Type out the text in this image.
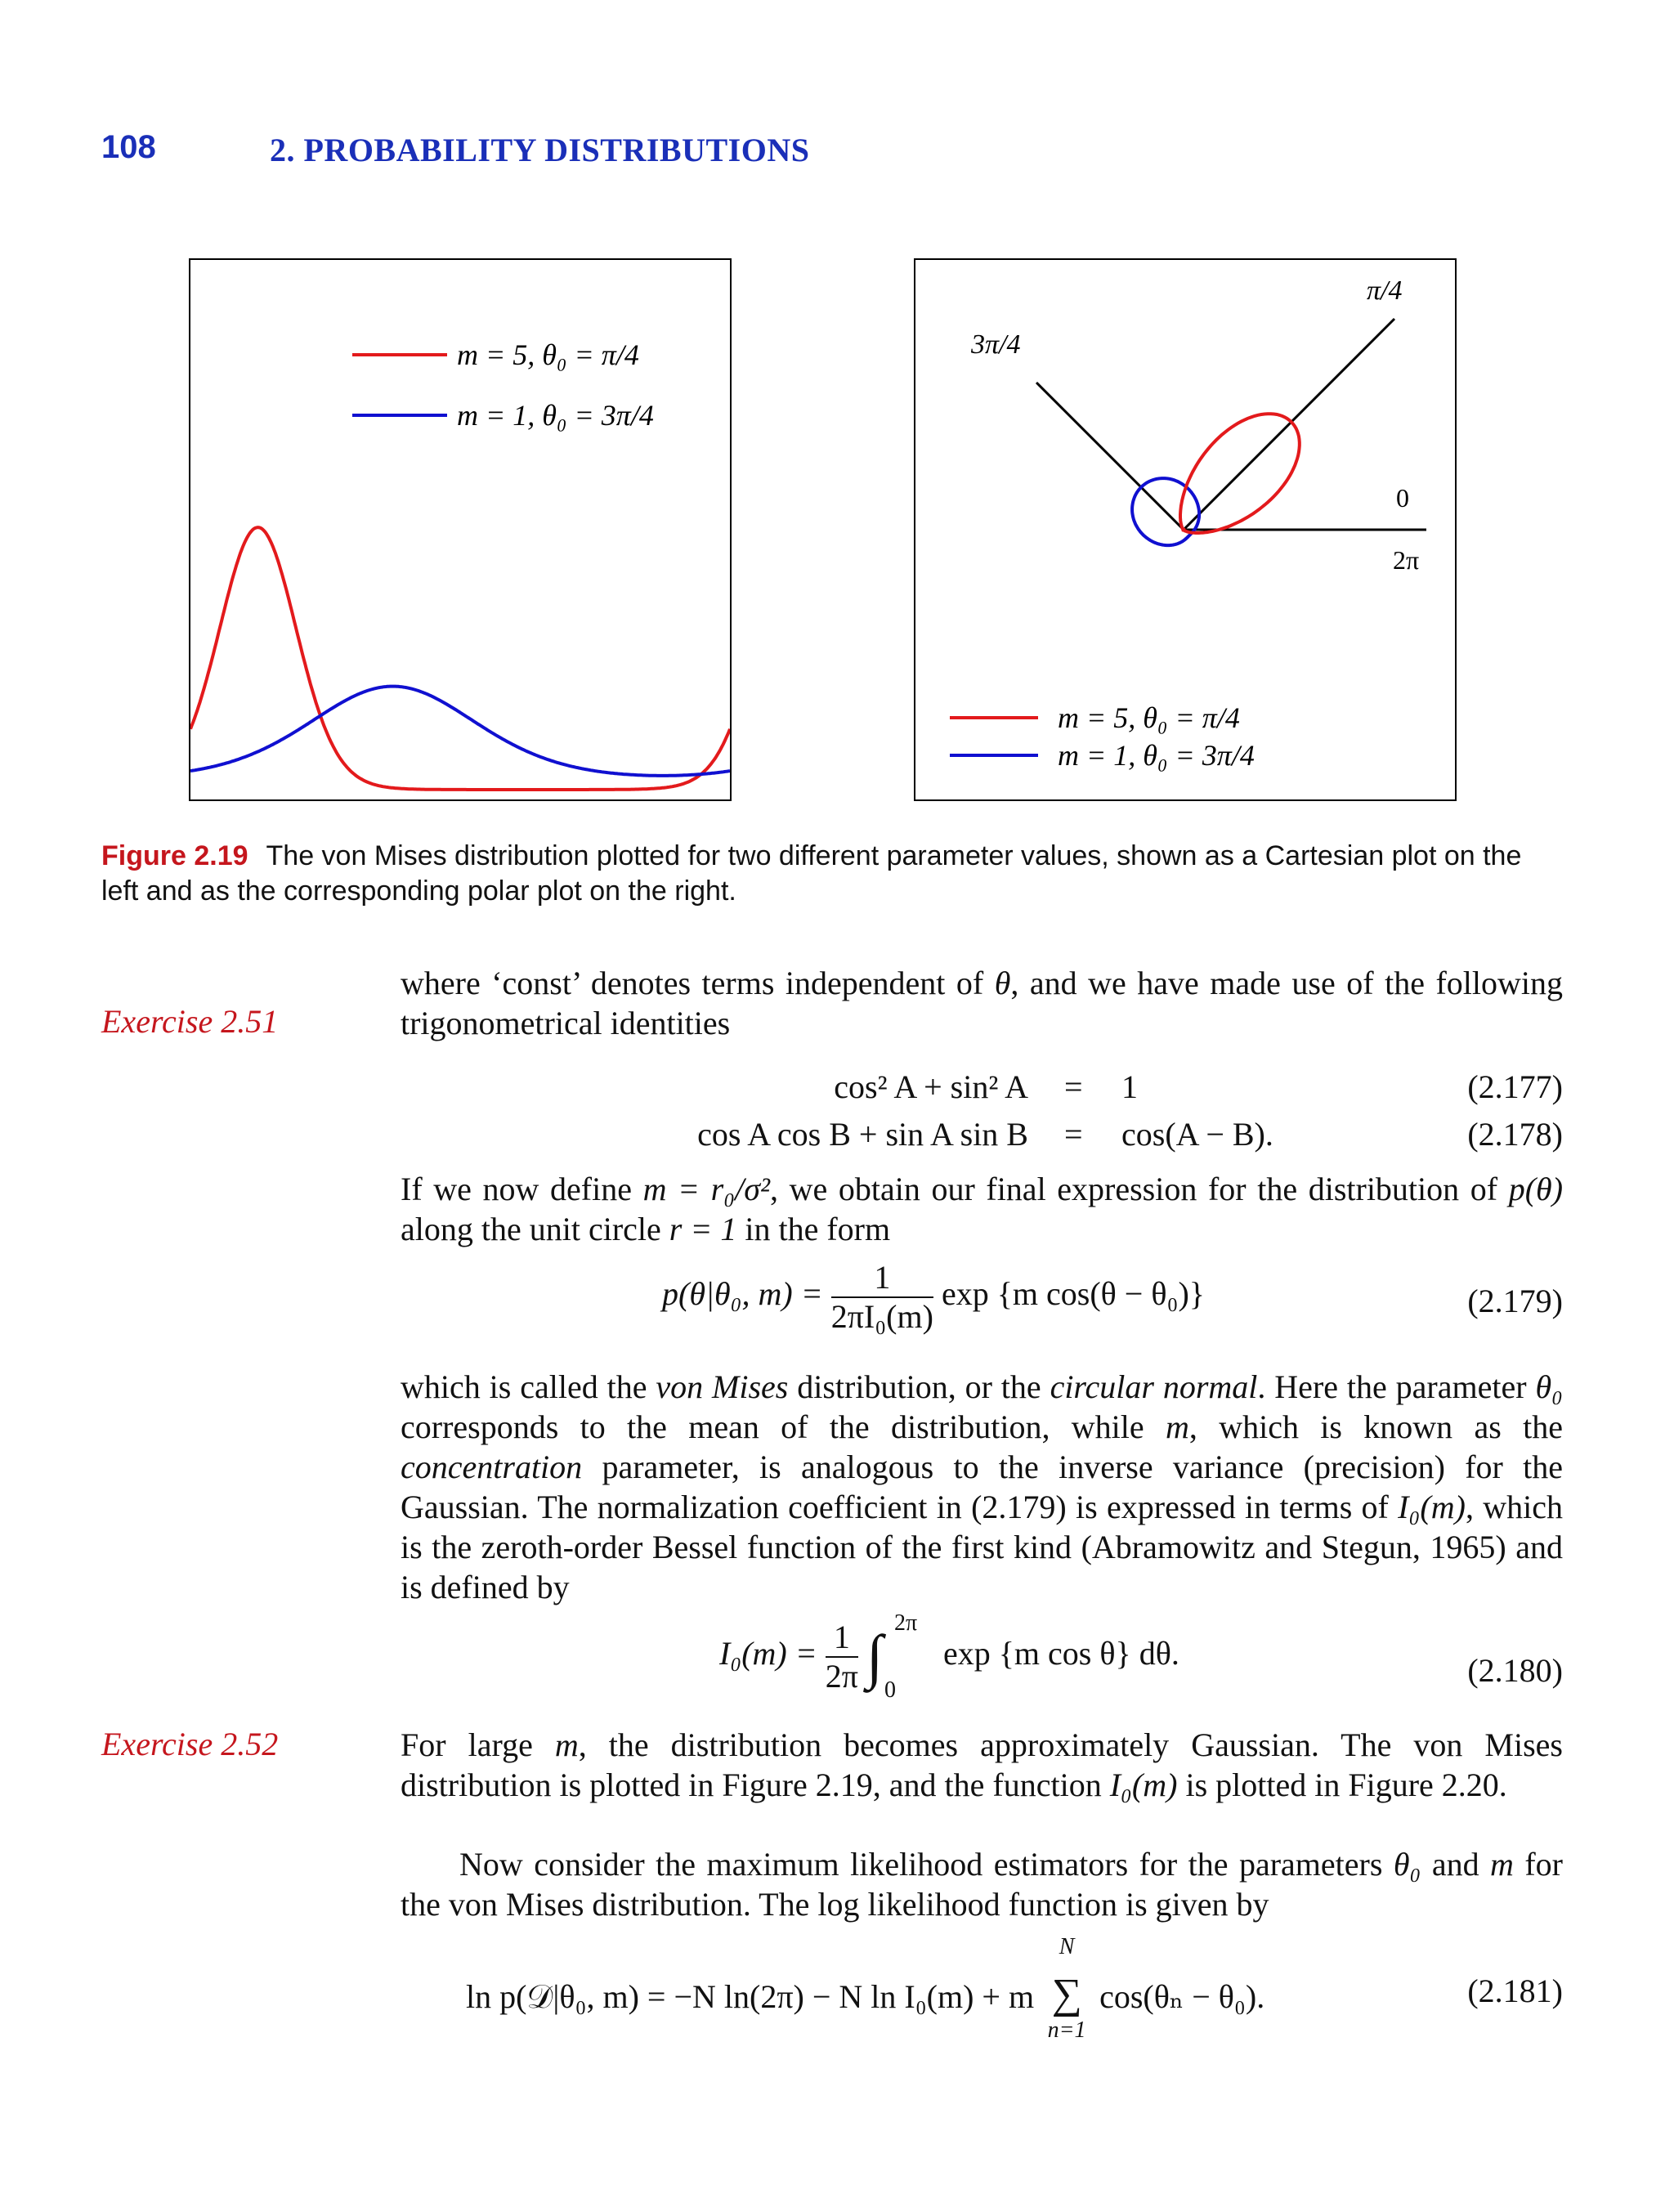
108	2. PROBABILITY DISTRIBUTIONS
m = 5, θ₀ = π/4
m = 1, θ₀ = 3π/4
π/4
3π/4
0
2π
m = 5, θ₀ = π/4
m = 1, θ₀ = 3π/4
Figure 2.19 The von Mises distribution plotted for two different parameter values, shown as a Cartesian plot on the left and as the corresponding polar plot on the right.
Exercise 2.51
Exercise 2.52
where ‘const’ denotes terms independent of θ, and we have made use of the following trigonometrical identities
cos² A + sin² A = 1	(2.177)
cos A cos B + sin A sin B = cos(A − B).	(2.178)
If we now define m = r₀/σ², we obtain our final expression for the distribution of p(θ) along the unit circle r = 1 in the form
p(θ|θ₀, $m) = \frac{1}{\text{2πI₀(m)}}$ exp {m cos(θ − θ₀)}	(2.179)
which is called the von Mises distribution, or the circular normal. Here the parameter θ₀ corresponds to the mean of the distribution, while m, which is known as the concentration parameter, is analogous to the inverse variance (precision) for the Gaussian. The normalization coefficient in (2.179) is expressed in terms of I₀(m), which is the zeroth-order Bessel function of the first kind (Abramowitz and Stegun, 1965) and is defined by
$I_0(m) = \frac{1}{2\pi}$ ∫
2π
0
exp {m cos θ} dθ.	(2.180)
For large m, the distribution becomes approximately Gaussian. The von Mises distribution is plotted in Figure 2.19, and the function I₀(m) is plotted in Figure 2.20.
Now consider the maximum likelihood estimators for the parameters θ₀ and m for the von Mises distribution. The log likelihood function is given by
ln p(𝒟|θ₀, m) = −N ln(2π) − N ln I₀(m) + m ∑
N
n=1
cos(θₙ − θ₀).	(2.181)
